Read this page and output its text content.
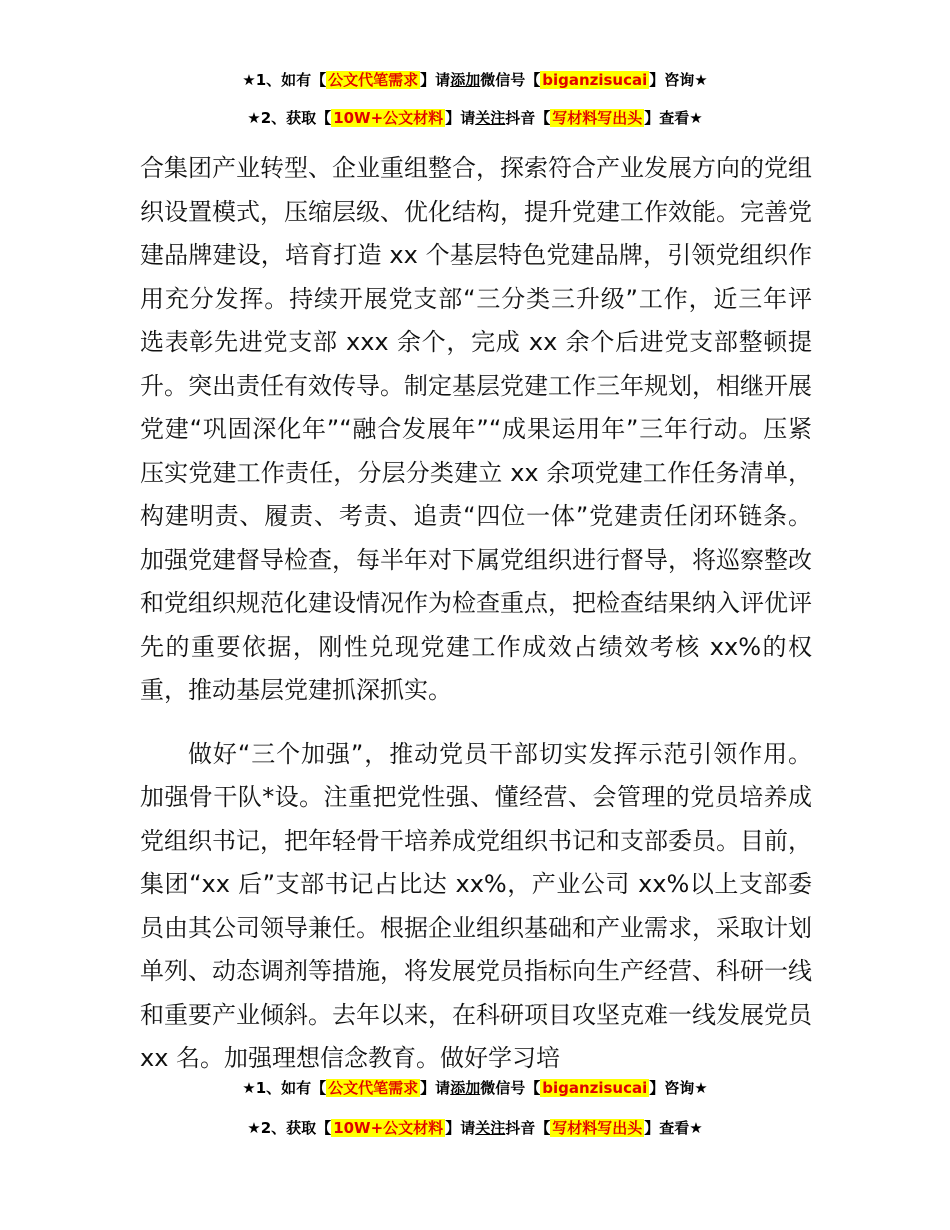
★1、如有【 公文代笔需求 】请添加微信号【 biganzisucai 】咨询★
★2、获取【 10W+公文材料 】请关注抖音【 写材料写出头 】查看★

合集团产业转型、企业重组整合，探索符合产业发展方向的党组织设置模式，压缩层级、优化结构，提升党建工作效能。完善党建品牌建设，培育打造 xx 个基层特色党建品牌，引领党组织作用充分发挥。持续开展党支部“三分类三升级”工作，近三年评选表彰先进党支部 xxx 余个，完成 xx 余个后进党支部整顿提升。突出责任有效传导。制定基层党建工作三年规划，相继开展党建“巩固深化年”“融合发展年”“成果运用年”三年行动。压紧压实党建工作责任，分层分类建立 xx 余项党建工作任务清单，构建明责、履责、考责、追责“四位一体”党建责任闭环链条。加强党建督导检查，每半年对下属党组织进行督导，将巡察整改和党组织规范化建设情况作为检查重点，把检查结果纳入评优评先的重要依据，刚性兑现党建工作成效占绩效考核 xx%的权重，推动基层党建抓深抓实。

做好“三个加强”，推动党员干部切实发挥示范引领作用。加强骨干队*设。注重把党性强、懂经营、会管理的党员培养成党组织书记，把年轻骨干培养成党组织书记和支部委员。目前，集团“xx 后”支部书记占比达 xx%，产业公司 xx%以上支部委员由其公司领导兼任。根据企业组织基础和产业需求，采取计划单列、动态调剂等措施，将发展党员指标向生产经营、科研一线和重要产业倾斜。去年以来，在科研项目攻坚克难一线发展党员 xx 名。加强理想信念教育。做好学习培

★1、如有【 公文代笔需求 】请添加微信号【 biganzisucai 】咨询★
★2、获取【 10W+公文材料 】请关注抖音【 写材料写出头 】查看★
